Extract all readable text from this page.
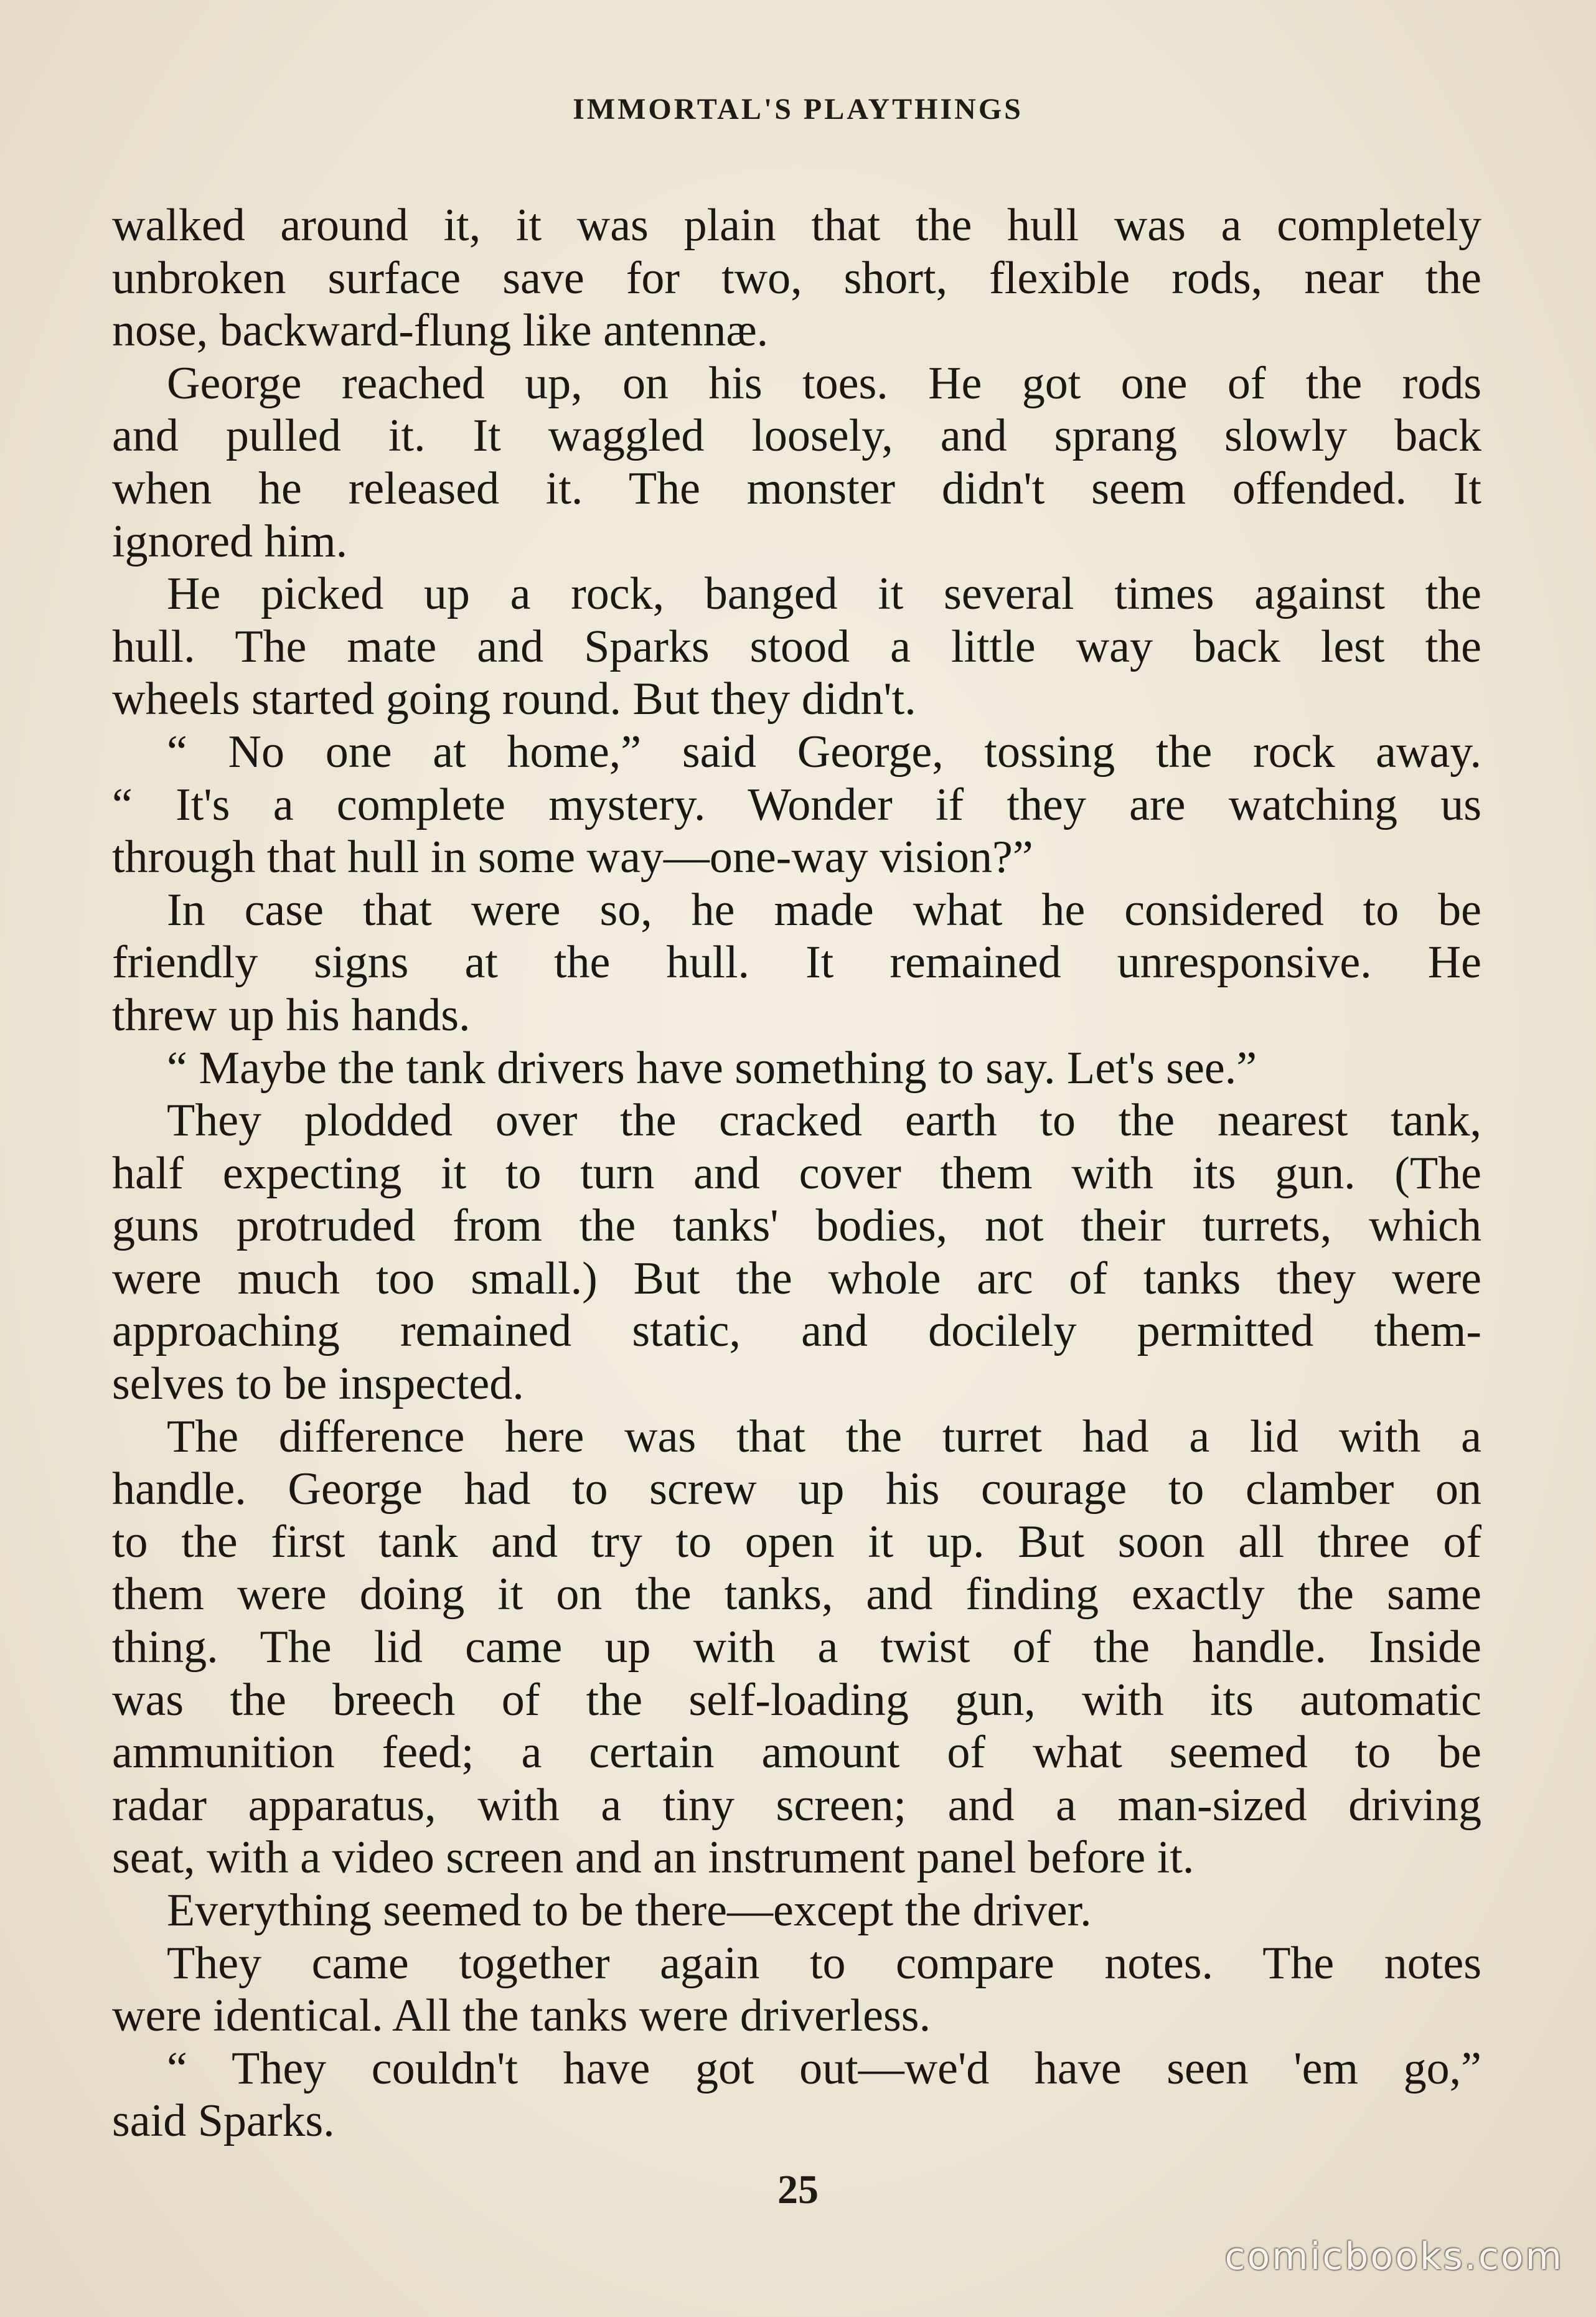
IMMORTAL'S PLAYTHINGS
walked around it, it was plain that the hull was a completely
unbroken surface save for two, short, flexible rods, near the
nose, backward-flung like antennæ.
George reached up, on his toes. He got one of the rods
and pulled it. It waggled loosely, and sprang slowly back
when he released it. The monster didn't seem offended. It
ignored him.
He picked up a rock, banged it several times against the
hull. The mate and Sparks stood a little way back lest the
wheels started going round. But they didn't.
“ No one at home,” said George, tossing the rock away.
“ It's a complete mystery. Wonder if they are watching us
through that hull in some way—one-way vision?”
In case that were so, he made what he considered to be
friendly signs at the hull. It remained unresponsive. He
threw up his hands.
“ Maybe the tank drivers have something to say. Let's see.”
They plodded over the cracked earth to the nearest tank,
half expecting it to turn and cover them with its gun. (The
guns protruded from the tanks' bodies, not their turrets, which
were much too small.) But the whole arc of tanks they were
approaching remained static, and docilely permitted them-
selves to be inspected.
The difference here was that the turret had a lid with a
handle. George had to screw up his courage to clamber on
to the first tank and try to open it up. But soon all three of
them were doing it on the tanks, and finding exactly the same
thing. The lid came up with a twist of the handle. Inside
was the breech of the self-loading gun, with its automatic
ammunition feed; a certain amount of what seemed to be
radar apparatus, with a tiny screen; and a man-sized driving
seat, with a video screen and an instrument panel before it.
Everything seemed to be there—except the driver.
They came together again to compare notes. The notes
were identical. All the tanks were driverless.
“ They couldn't have got out—we'd have seen 'em go,”
said Sparks.
25
comicbooks.com
